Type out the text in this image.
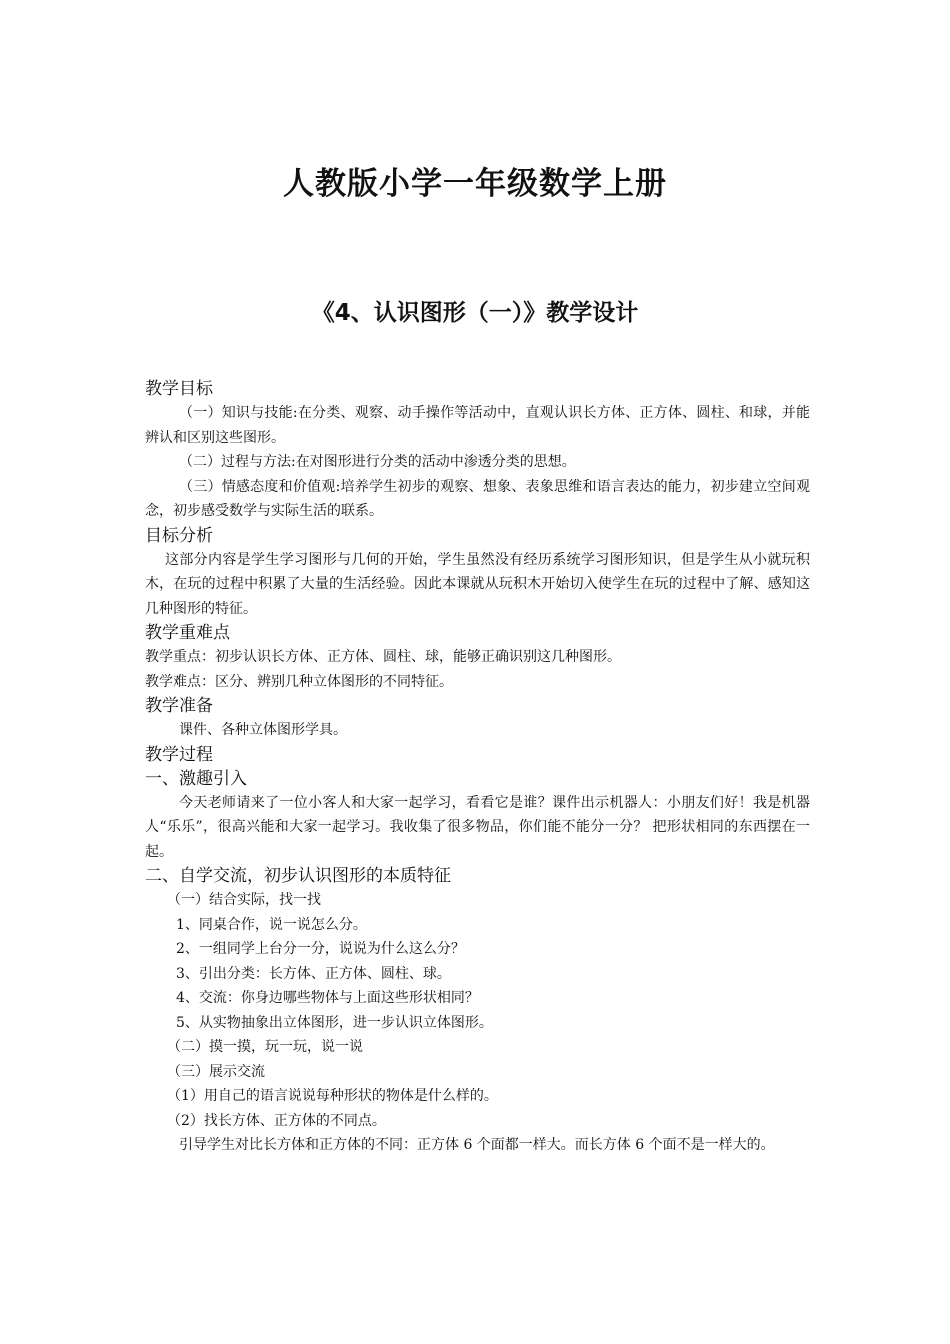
人教版小学一年级数学上册
《4、认识图形（一）》教学设计

教学目标

（一）知识与技能:在分类、观察、动手操作等活动中，直观认识长方体、正方体、圆柱、和球，并能辨认和区别这些图形。

（二）过程与方法:在对图形进行分类的活动中渗透分类的思想。

（三）情感态度和价值观:培养学生初步的观察、想象、表象思维和语言表达的能力，初步建立空间观念，初步感受数学与实际生活的联系。

目标分析

这部分内容是学生学习图形与几何的开始，学生虽然没有经历系统学习图形知识，但是学生从小就玩积木，在玩的过程中积累了大量的生活经验。因此本课就从玩积木开始切入使学生在玩的过程中了解、感知这几种图形的特征。

教学重难点

教学重点：初步认识长方体、正方体、圆柱、球，能够正确识别这几种图形。

教学难点：区分、辨别几种立体图形的不同特征。

教学准备

课件、各种立体图形学具。

教学过程

一、激趣引入

今天老师请来了一位小客人和大家一起学习，看看它是谁？课件出示机器人：小朋友们好！我是机器人“乐乐”，很高兴能和大家一起学习。我收集了很多物品，你们能不能分一分？ 把形状相同的东西摆在一起。

二、自学交流，初步认识图形的本质特征

（一）结合实际，找一找

1、同桌合作，说一说怎么分。

2、一组同学上台分一分，说说为什么这么分？

3、引出分类：长方体、正方体、圆柱、球。

4、交流：你身边哪些物体与上面这些形状相同？

5、从实物抽象出立体图形，进一步认识立体图形。

（二）摸一摸，玩一玩，说一说

（三）展示交流

（1）用自己的语言说说每种形状的物体是什么样的。

（2）找长方体、正方体的不同点。

引导学生对比长方体和正方体的不同：正方体 6 个面都一样大。而长方体 6 个面不是一样大的。
